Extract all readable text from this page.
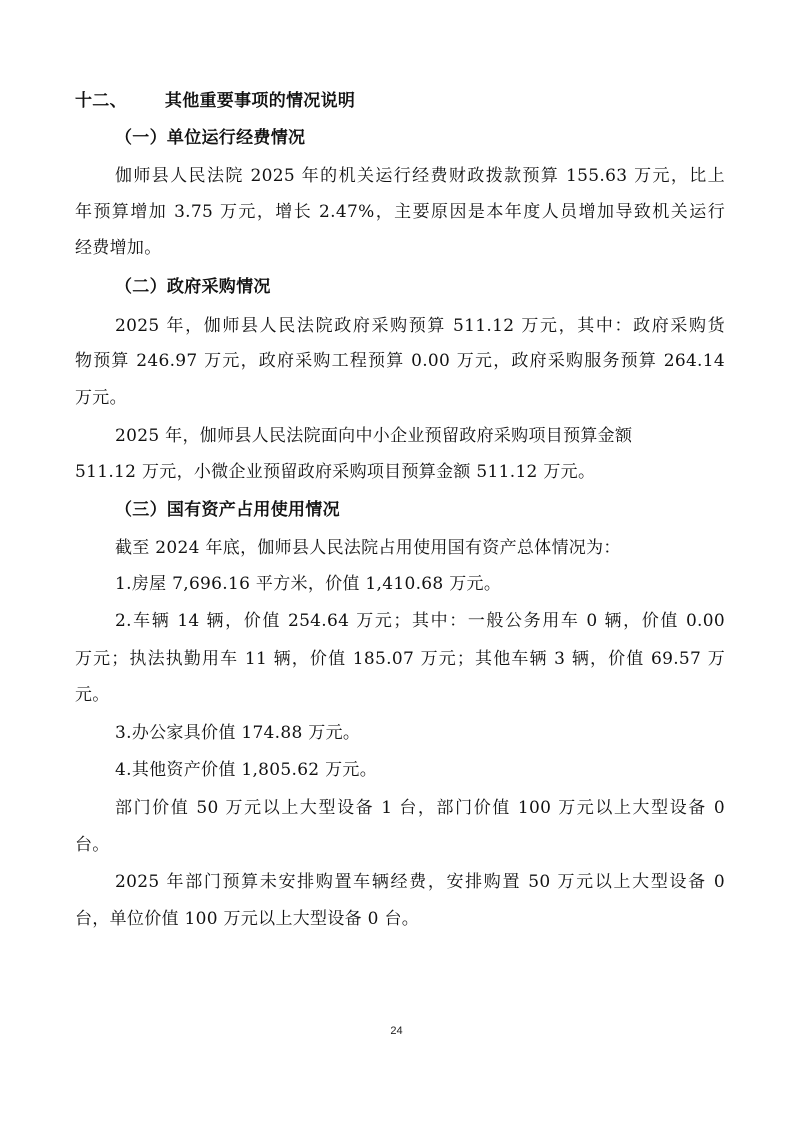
十二、 其他重要事项的情况说明
（一）单位运行经费情况
伽师县人民法院 2025 年的机关运行经费财政拨款预算 155.63 万元，比上
年预算增加 3.75 万元，增长 2.47%，主要原因是本年度人员增加导致机关运行
经费增加。
（二）政府采购情况
2025 年，伽师县人民法院政府采购预算 511.12 万元，其中：政府采购货
物预算 246.97 万元，政府采购工程预算 0.00 万元，政府采购服务预算 264.14
万元。
2025 年，伽师县人民法院面向中小企业预留政府采购项目预算金额
511.12 万元，小微企业预留政府采购项目预算金额 511.12 万元。
（三）国有资产占用使用情况
截至 2024 年底，伽师县人民法院占用使用国有资产总体情况为：
1.房屋 7,696.16 平方米，价值 1,410.68 万元。
2.车辆 14 辆，价值 254.64 万元；其中：一般公务用车 0 辆，价值 0.00
万元；执法执勤用车 11 辆，价值 185.07 万元；其他车辆 3 辆，价值 69.57 万
元。
3.办公家具价值 174.88 万元。
4.其他资产价值 1,805.62 万元。
部门价值 50 万元以上大型设备 1 台，部门价值 100 万元以上大型设备 0
台。
2025 年部门预算未安排购置车辆经费，安排购置 50 万元以上大型设备 0
台，单位价值 100 万元以上大型设备 0 台。
24
